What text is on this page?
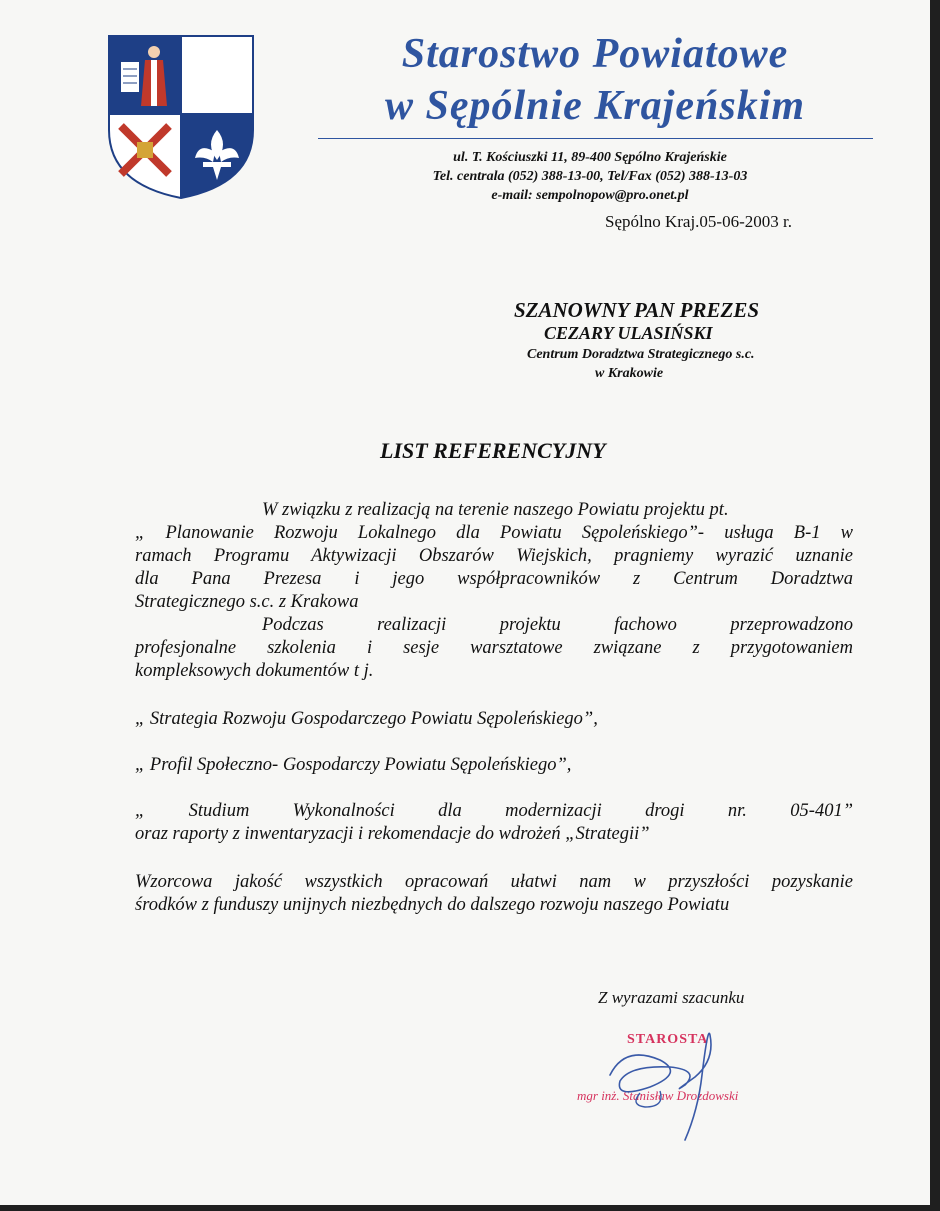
Starostwo Powiatowe
w Sępólnie Krajeńskim
ul. T. Kościuszki 11, 89-400 Sępólno Krajeńskie
Tel. centrala (052) 388-13-00, Tel/Fax (052) 388-13-03
e-mail: sempolnopow@pro.onet.pl
Sępólno Kraj.05-06-2003 r.
SZANOWNY PAN PREZES
CEZARY ULASIŃSKI
Centrum Doradztwa Strategicznego s.c.
w Krakowie
LIST REFERENCYJNY
W związku z realizacją na terenie naszego Powiatu projektu pt.
„ Planowanie Rozwoju Lokalnego dla Powiatu Sępoleńskiego”- usługa B-1 w
ramach Programu Aktywizacji Obszarów Wiejskich, pragniemy wyrazić uznanie
dla Pana Prezesa i jego współpracowników z Centrum Doradztwa
Strategicznego s.c. z Krakowa
Podczas realizacji projektu fachowo przeprowadzono
profesjonalne szkolenia i sesje warsztatowe związane z przygotowaniem
kompleksowych dokumentów t j.
„ Strategia Rozwoju Gospodarczego Powiatu Sępoleńskiego”,
„ Profil Społeczno- Gospodarczy Powiatu Sępoleńskiego”,
„ Studium Wykonalności dla modernizacji drogi nr. 05-401”
oraz raporty z inwentaryzacji i rekomendacje do wdrożeń „Strategii”
Wzorcowa jakość wszystkich opracowań ułatwi nam w przyszłości pozyskanie
środków z funduszy unijnych niezbędnych do dalszego rozwoju naszego Powiatu
Z wyrazami szacunku
STAROSTA
mgr inż. Stanisław Drozdowski
